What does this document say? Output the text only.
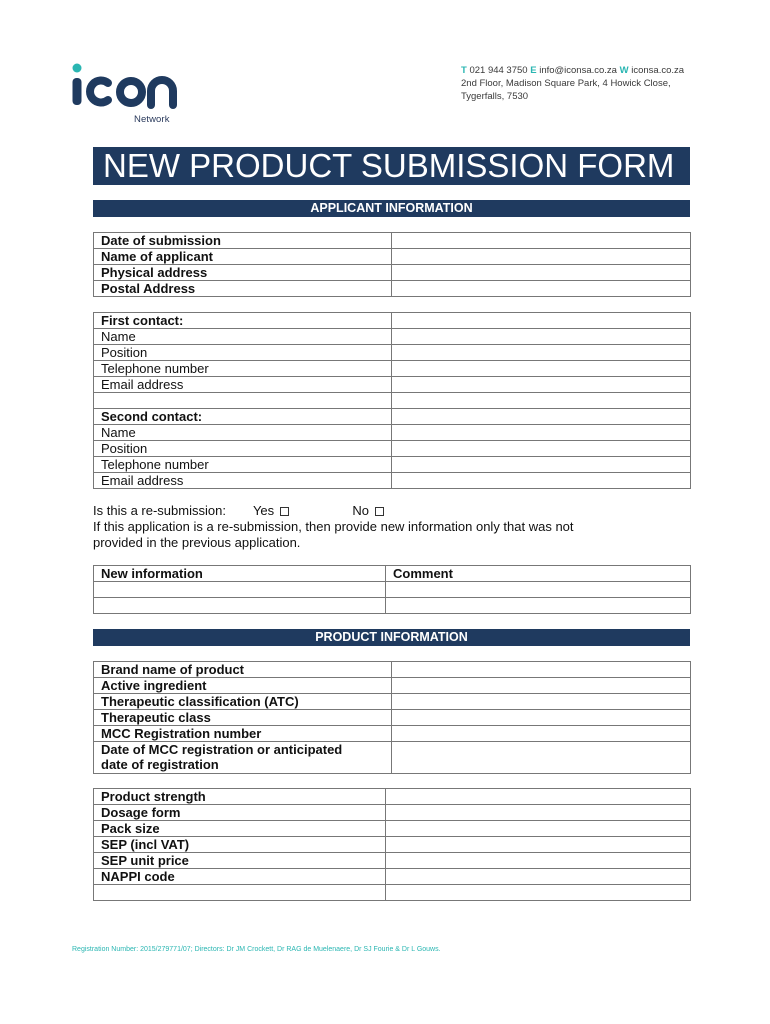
Network
T 021 944 3750 E info@iconsa.co.za W iconsa.co.za
2nd Floor, Madison Square Park, 4 Howick Close,
Tygerfalls, 7530
NEW PRODUCT SUBMISSION FORM
APPLICANT INFORMATION
Date of submission	
Name of applicant	
Physical address	
Postal Address	
First contact:	
Name	
Position	
Telephone number	
Email address	

Second contact:	
Name	
Position	
Telephone number	
Email address	
Is this a re-submission: Yes	No
If this application is a re-submission, then provide new information only that was not
provided in the previous application.
New information	Comment

PRODUCT INFORMATION
Brand name of product	
Active ingredient	
Therapeutic classification (ATC)	
Therapeutic class	
MCC Registration number	

Date of MCC registration or anticipated
date of registration	

Product strength	
Dosage form	
Pack size	
SEP (incl VAT)	
SEP unit price	
NAPPI code	

Registration Number: 2015/279771/07; Directors: Dr JM Crockett, Dr RAG de Muelenaere, Dr SJ Fourie & Dr L Gouws.
